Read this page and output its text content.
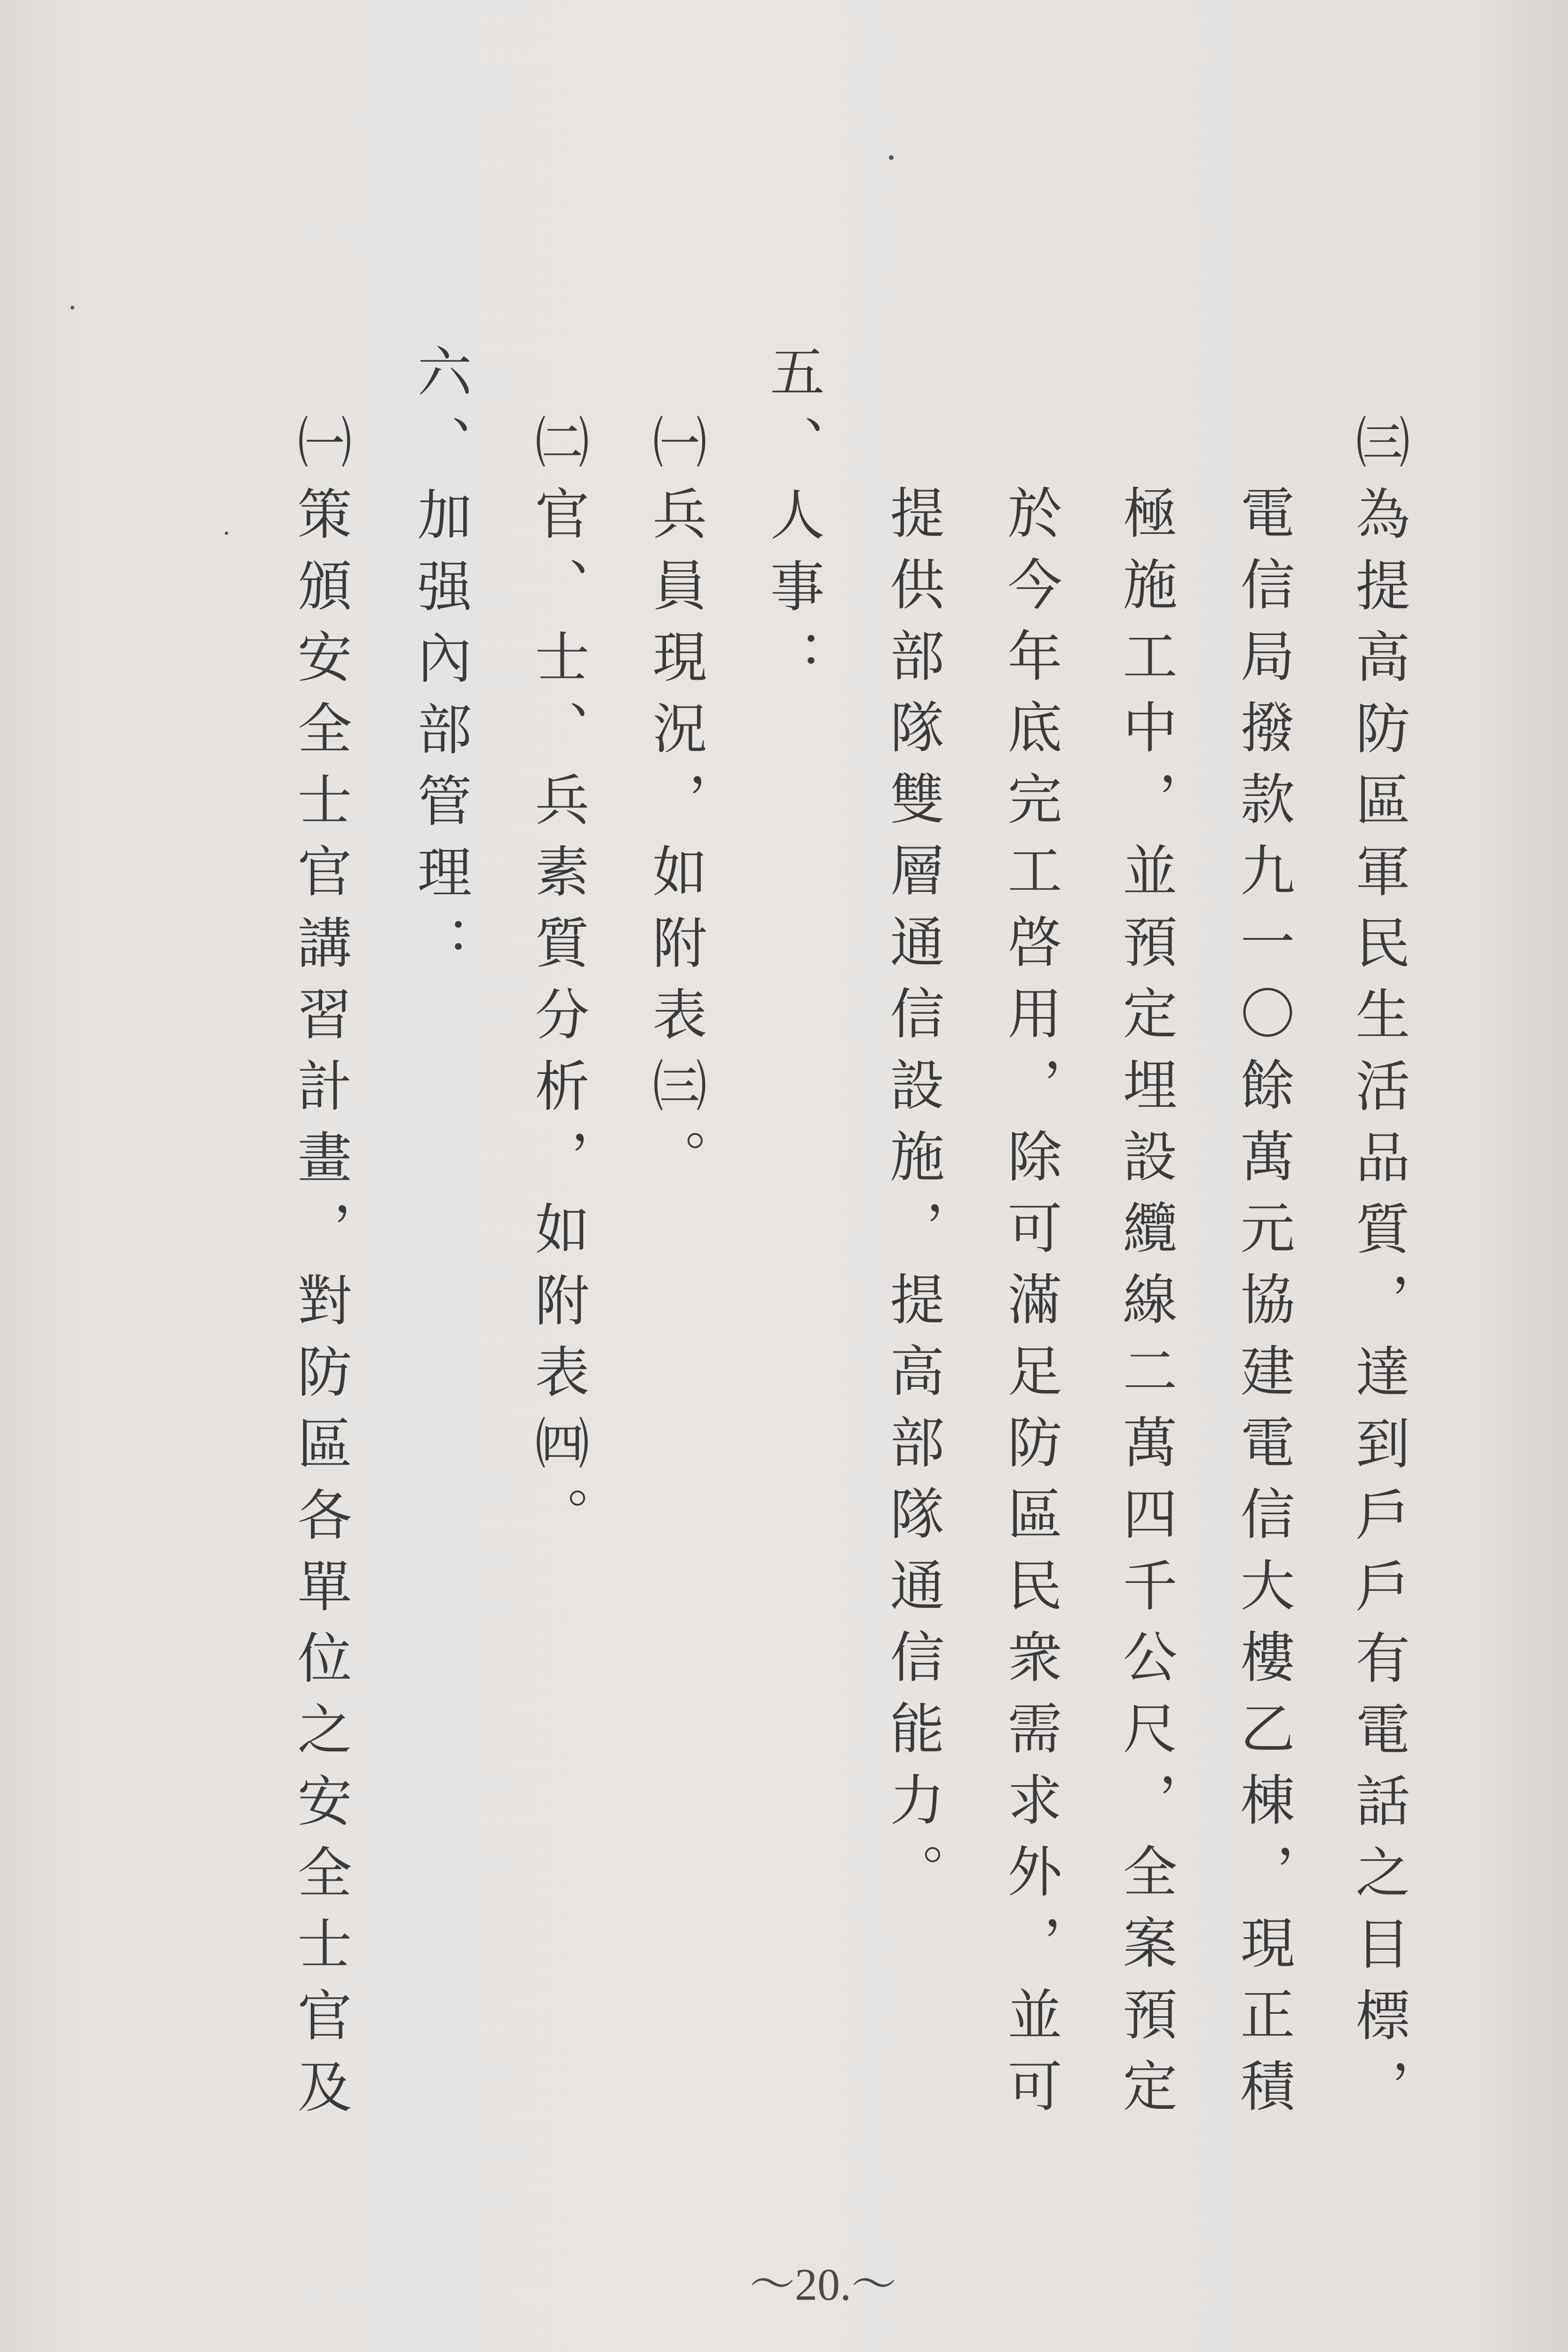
㈢為提高防區軍民生活品質，達到戶戶有電話之目標，
電信局撥款九一〇餘萬元協建電信大樓乙棟，現正積
極施工中，並預定埋設纜線二萬四千公尺，全案預定
於今年底完工啓用，除可滿足防區民衆需求外，並可
提供部隊雙層通信設施，提高部隊通信能力。
五、人事：
㈠兵員現況，如附表㈢。
㈡官、士、兵素質分析，如附表㈣。
六、加强內部管理：
㈠策頒安全士官講習計畫，對防區各單位之安全士官及
～20.～
